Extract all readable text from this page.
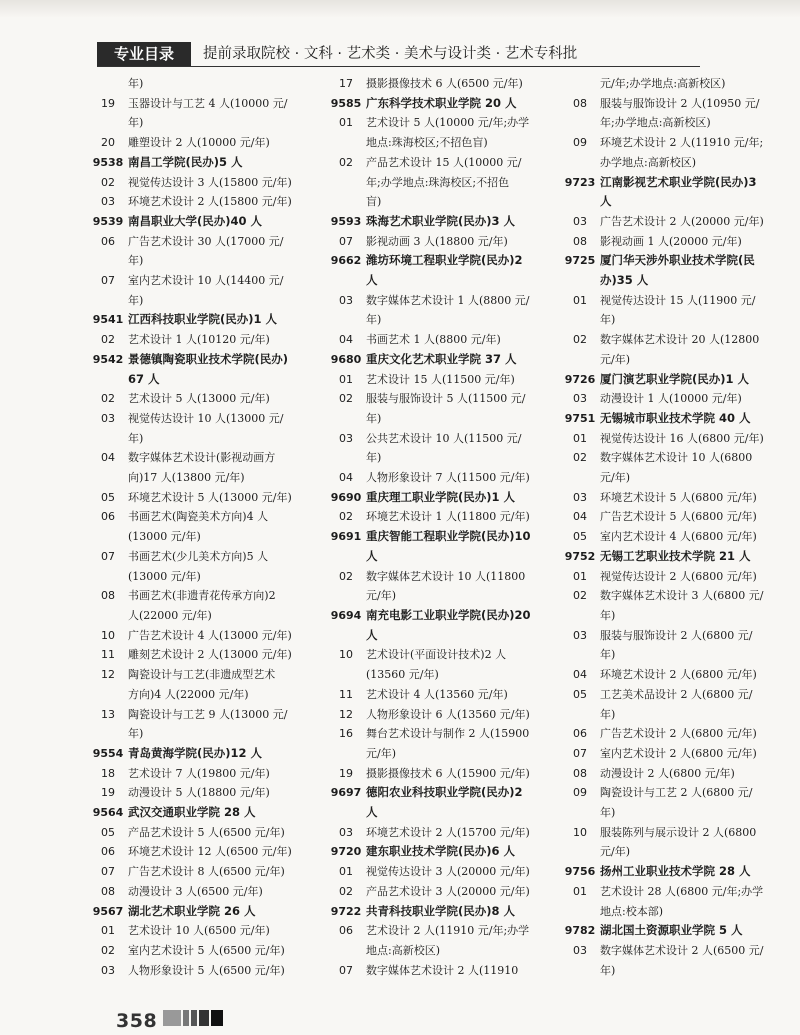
专业目录	提前录取院校 · 文科 · 艺术类 · 美术与设计类 · 艺术专科批
年)
19	玉器设计与工艺 4 人(10000 元/
年)
20	雕塑设计 2 人(10000 元/年)
9538 南昌工学院(民办)5 人
02	视觉传达设计 3 人(15800 元/年)
03	环境艺术设计 2 人(15800 元/年)
9539 南昌职业大学(民办)40 人
06	广告艺术设计 30 人(17000 元/
年)
07	室内艺术设计 10 人(14400 元/
年)
9541 江西科技职业学院(民办)1 人
02	艺术设计 1 人(10120 元/年)
9542 景德镇陶瓷职业技术学院(民办)
67 人
02	艺术设计 5 人(13000 元/年)
03	视觉传达设计 10 人(13000 元/
年)
04	数字媒体艺术设计(影视动画方
向)17 人(13800 元/年)
05	环境艺术设计 5 人(13000 元/年)
06	书画艺术(陶瓷美术方向)4 人
(13000 元/年)
07	书画艺术(少儿美术方向)5 人
(13000 元/年)
08	书画艺术(非遗青花传承方向)2
人(22000 元/年)
10	广告艺术设计 4 人(13000 元/年)
11	雕刻艺术设计 2 人(13000 元/年)
12	陶瓷设计与工艺(非遗成型艺术
方向)4 人(22000 元/年)
13	陶瓷设计与工艺 9 人(13000 元/
年)
9554 青岛黄海学院(民办)12 人
18	艺术设计 7 人(19800 元/年)
19	动漫设计 5 人(18800 元/年)
9564 武汉交通职业学院 28 人
05	产品艺术设计 5 人(6500 元/年)
06	环境艺术设计 12 人(6500 元/年)
07	广告艺术设计 8 人(6500 元/年)
08	动漫设计 3 人(6500 元/年)
9567 湖北艺术职业学院 26 人
01	艺术设计 10 人(6500 元/年)
02	室内艺术设计 5 人(6500 元/年)
03	人物形象设计 5 人(6500 元/年)
17	摄影摄像技术 6 人(6500 元/年)
9585 广东科学技术职业学院 20 人
01	艺术设计 5 人(10000 元/年;办学
地点:珠海校区;不招色盲)
02	产品艺术设计 15 人(10000 元/
年;办学地点:珠海校区;不招色
盲)
9593 珠海艺术职业学院(民办)3 人
07	影视动画 3 人(18800 元/年)
9662 潍坊环境工程职业学院(民办)2
人
03	数字媒体艺术设计 1 人(8800 元/
年)
04	书画艺术 1 人(8800 元/年)
9680 重庆文化艺术职业学院 37 人
01	艺术设计 15 人(11500 元/年)
02	服装与服饰设计 5 人(11500 元/
年)
03	公共艺术设计 10 人(11500 元/
年)
04	人物形象设计 7 人(11500 元/年)
9690 重庆理工职业学院(民办)1 人
02	环境艺术设计 1 人(11800 元/年)
9691 重庆智能工程职业学院(民办)10
人
02	数字媒体艺术设计 10 人(11800
元/年)
9694 南充电影工业职业学院(民办)20
人
10	艺术设计(平面设计技术)2 人
(13560 元/年)
11	艺术设计 4 人(13560 元/年)
12	人物形象设计 6 人(13560 元/年)
16	舞台艺术设计与制作 2 人(15900
元/年)
19	摄影摄像技术 6 人(15900 元/年)
9697 德阳农业科技职业学院(民办)2
人
03	环境艺术设计 2 人(15700 元/年)
9720 建东职业技术学院(民办)6 人
01	视觉传达设计 3 人(20000 元/年)
02	产品艺术设计 3 人(20000 元/年)
9722 共青科技职业学院(民办)8 人
06	艺术设计 2 人(11910 元/年;办学
地点:高新校区)
07	数字媒体艺术设计 2 人(11910
元/年;办学地点:高新校区)
08	服装与服饰设计 2 人(10950 元/
年;办学地点:高新校区)
09	环境艺术设计 2 人(11910 元/年;
办学地点:高新校区)
9723 江南影视艺术职业学院(民办)3
人
03	广告艺术设计 2 人(20000 元/年)
08	影视动画 1 人(20000 元/年)
9725 厦门华天涉外职业技术学院(民
办)35 人
01	视觉传达设计 15 人(11900 元/
年)
02	数字媒体艺术设计 20 人(12800
元/年)
9726 厦门演艺职业学院(民办)1 人
03	动漫设计 1 人(10000 元/年)
9751 无锡城市职业技术学院 40 人
01	视觉传达设计 16 人(6800 元/年)
02	数字媒体艺术设计 10 人(6800
元/年)
03	环境艺术设计 5 人(6800 元/年)
04	广告艺术设计 5 人(6800 元/年)
05	室内艺术设计 4 人(6800 元/年)
9752 无锡工艺职业技术学院 21 人
01	视觉传达设计 2 人(6800 元/年)
02	数字媒体艺术设计 3 人(6800 元/
年)
03	服装与服饰设计 2 人(6800 元/
年)
04	环境艺术设计 2 人(6800 元/年)
05	工艺美术品设计 2 人(6800 元/
年)
06	广告艺术设计 2 人(6800 元/年)
07	室内艺术设计 2 人(6800 元/年)
08	动漫设计 2 人(6800 元/年)
09	陶瓷设计与工艺 2 人(6800 元/
年)
10	服装陈列与展示设计 2 人(6800
元/年)
9756 扬州工业职业技术学院 28 人
01	艺术设计 28 人(6800 元/年;办学
地点:校本部)
9782 湖北国土资源职业学院 5 人
03	数字媒体艺术设计 2 人(6500 元/
年)
358
